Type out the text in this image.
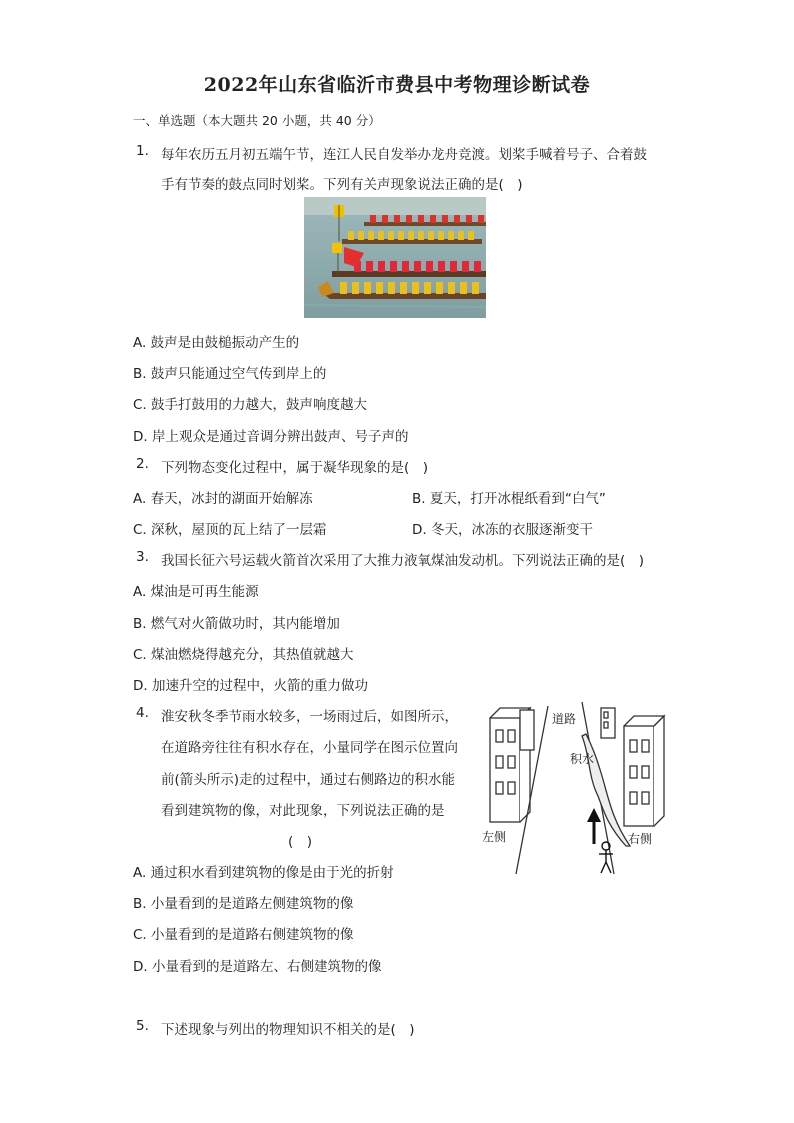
2022年山东省临沂市费县中考物理诊断试卷
一、单选题（本大题共 20 小题，共 40 分）
1. 每年农历五月初五端午节，连江人民自发举办龙舟竞渡。划桨手喊着号子、合着鼓
手有节奏的鼓点同时划桨。下列有关声现象说法正确的是(　)
A. 鼓声是由鼓槌振动产生的
B. 鼓声只能通过空气传到岸上的
C. 鼓手打鼓用的力越大，鼓声响度越大
D. 岸上观众是通过音调分辨出鼓声、号子声的
2. 下列物态变化过程中，属于凝华现象的是(　)
A. 春天，冰封的湖面开始解冻	B. 夏天，打开冰棍纸看到“白气”
C. 深秋，屋顶的瓦上结了一层霜	D. 冬天，冰冻的衣服逐渐变干
3. 我国长征六号运载火箭首次采用了大推力液氧煤油发动机。下列说法正确的是(　)
A. 煤油是可再生能源
B. 燃气对火箭做功时，其内能增加
C. 煤油燃烧得越充分，其热值就越大
D. 加速升空的过程中，火箭的重力做功
4. 淮安秋冬季节雨水较多，一场雨过后，如图所示，
在道路旁往往有积水存在，小量同学在图示位置向
前(箭头所示)走的过程中，通过右侧路边的积水能
看到建筑物的像，对此现象，下列说法正确的是
(　)
道路
积水
左侧	右侧
A. 通过积水看到建筑物的像是由于光的折射
B. 小量看到的是道路左侧建筑物的像
C. 小量看到的是道路右侧建筑物的像
D. 小量看到的是道路左、右侧建筑物的像
5. 下述现象与列出的物理知识不相关的是(　)
